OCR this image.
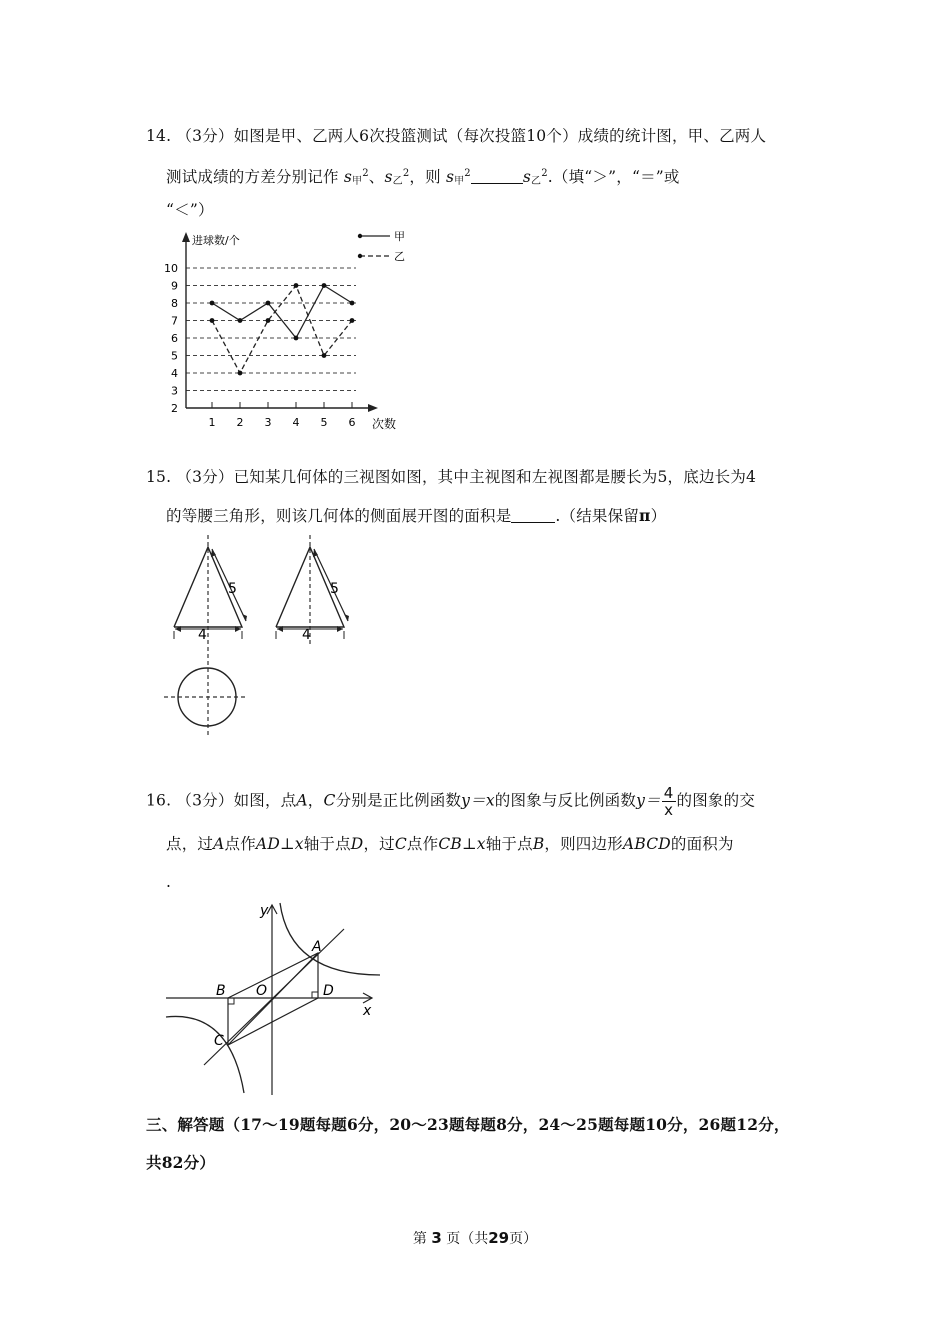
14. （3分）如图是甲、乙两人6次投篮测试（每次投篮10个）成绩的统计图，甲、乙两人
测试成绩的方差分别记作 $s_甲^2$、$s_乙^2$，则 $s_甲^2$	$s_乙^2$.（填“＞”，“＝”或
“＜”）
2
3
4
5
6
7
8
9
10
进球数/个
次数
1 2 3 4 5 6
甲
乙
15. （3分）已知某几何体的三视图如图，其中主视图和左视图都是腰长为5，底边长为4
的等腰三角形，则该几何体的侧面展开图的面积是	.（结果保留π）
5
4
5
4
16. （3分）如图，点A，C分别是正比例函数y＝x的图象与反比例函数$y= \frac{4}{x}$ 的图象的交
点，过A点作AD⊥x轴于点D，过C点作CB⊥x轴于点B，则四边形ABCD的面积为
.
y
x
A
B
C
D
O
三、解答题（17～19题每题6分，20～23题每题8分，24～25题每题10分，26题12分，
共82分）
第 3 页（共29页）
